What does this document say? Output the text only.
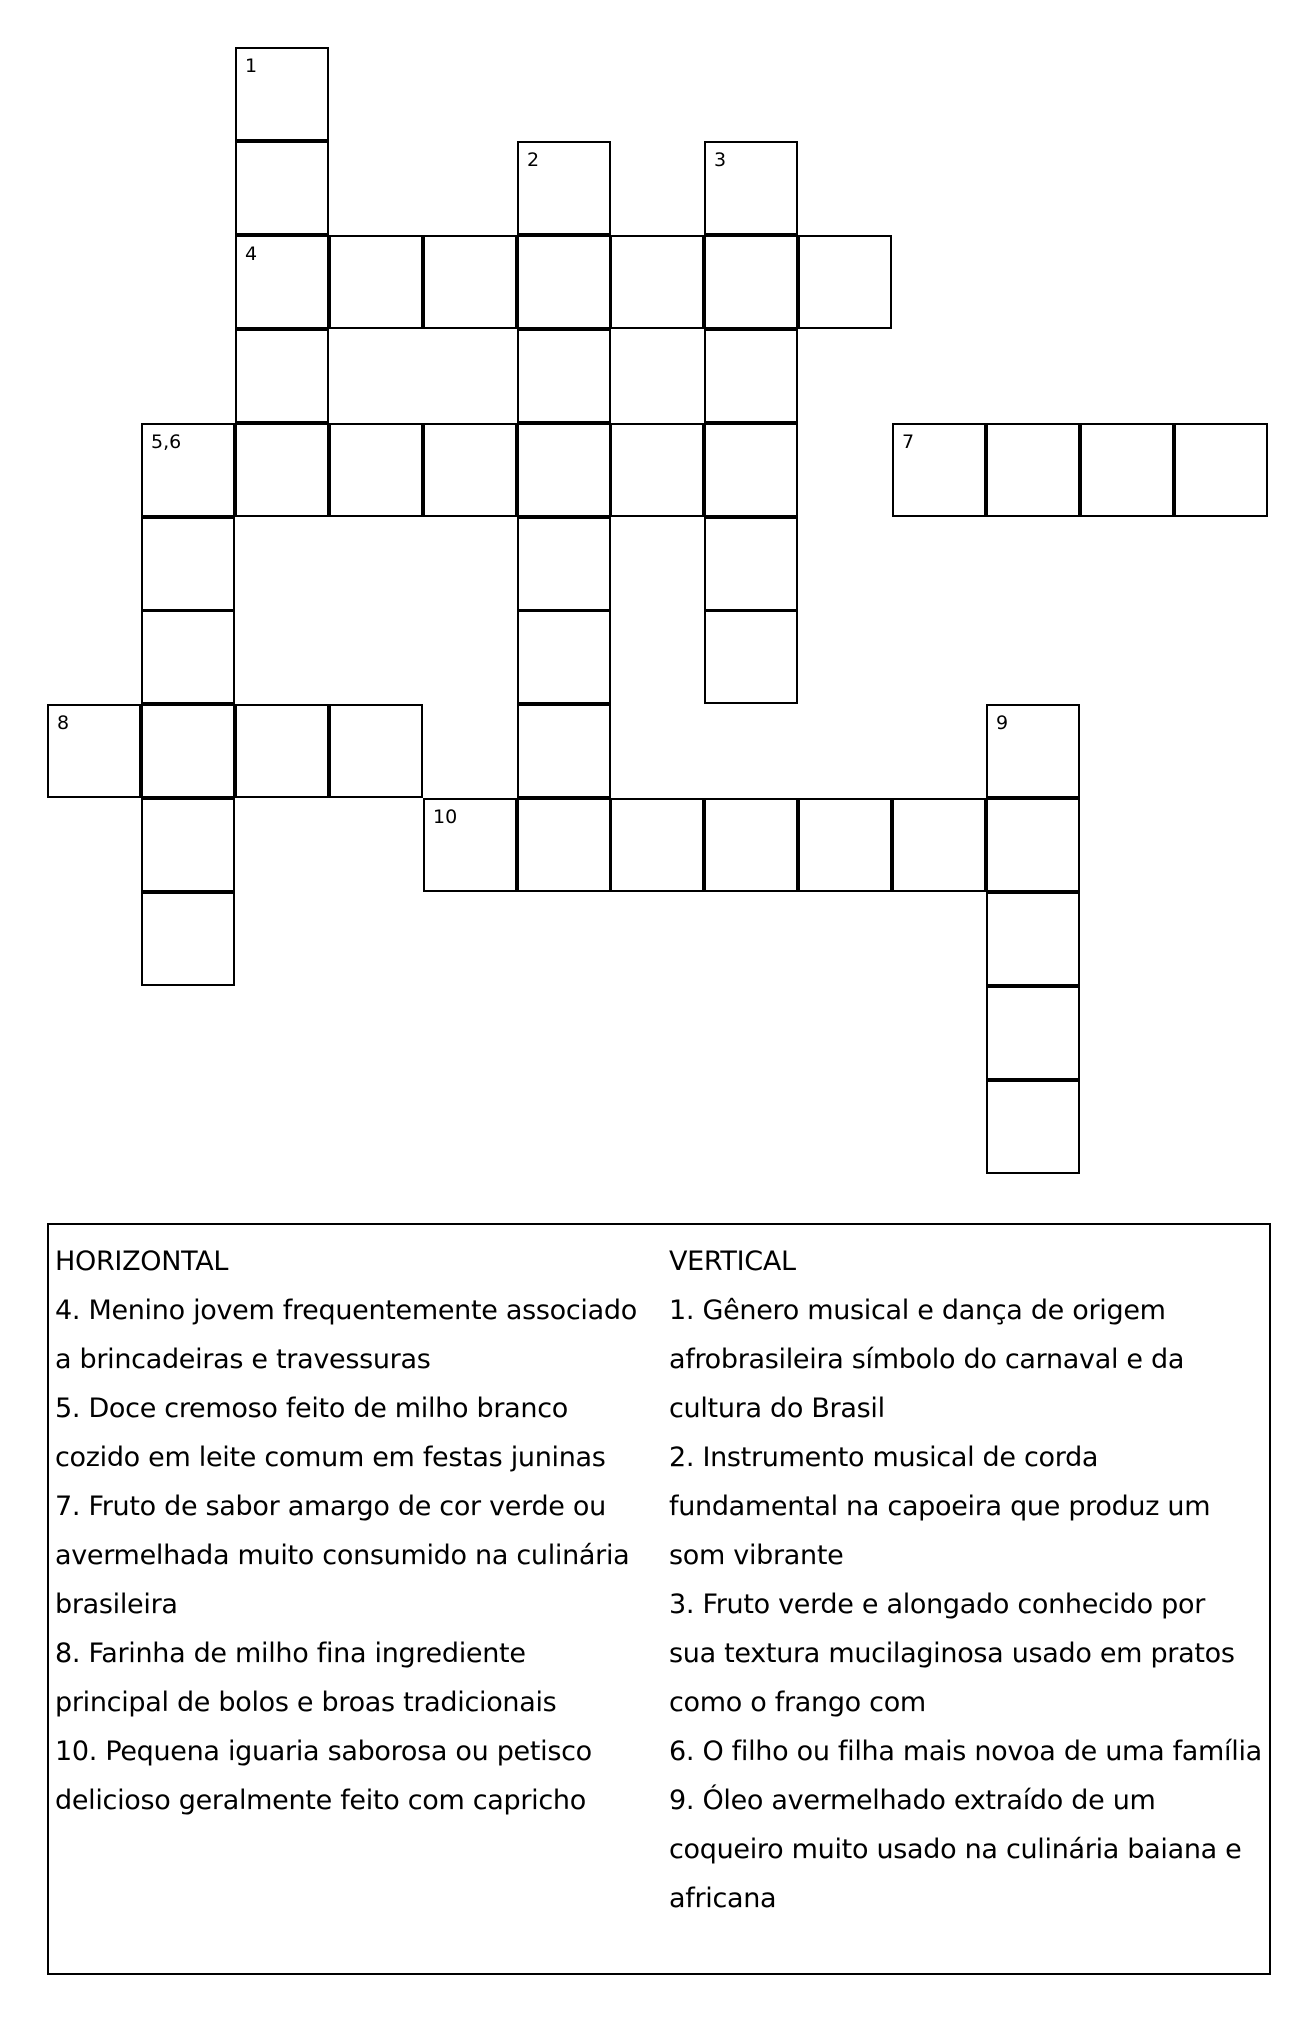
1
2	3
4
5,6	7
8	9
10
HORIZONTAL
4. Menino jovem frequentemente associado
a brincadeiras e travessuras
5. Doce cremoso feito de milho branco
cozido em leite comum em festas juninas
7. Fruto de sabor amargo de cor verde ou
avermelhada muito consumido na culinária
brasileira
8. Farinha de milho fina ingrediente
principal de bolos e broas tradicionais
10. Pequena iguaria saborosa ou petisco
delicioso geralmente feito com capricho
VERTICAL
1. Gênero musical e dança de origem
afrobrasileira símbolo do carnaval e da
cultura do Brasil
2. Instrumento musical de corda
fundamental na capoeira que produz um
som vibrante
3. Fruto verde e alongado conhecido por
sua textura mucilaginosa usado em pratos
como o frango com
6. O filho ou filha mais novoa de uma família
9. Óleo avermelhado extraído de um
coqueiro muito usado na culinária baiana e
africana
